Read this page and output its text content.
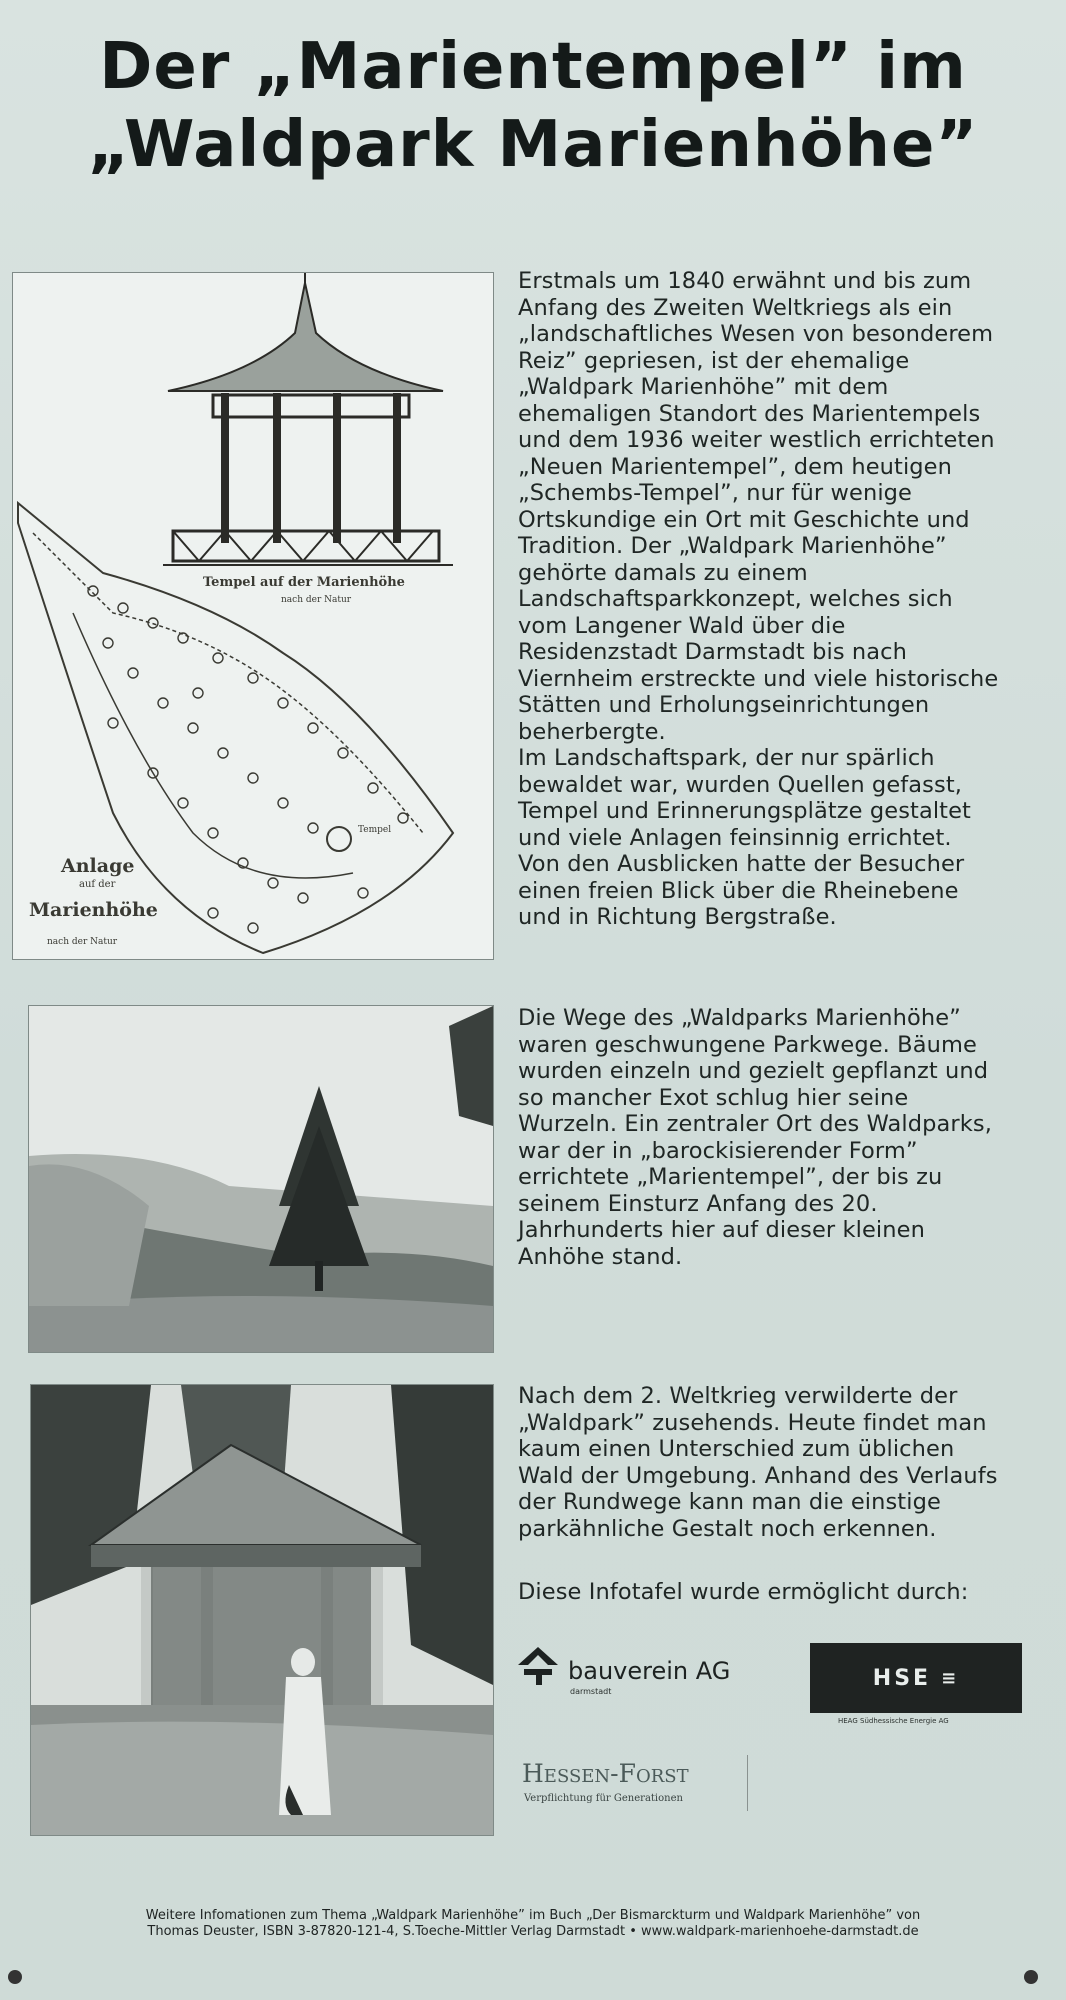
Der „Marientempel” im
„Waldpark Marienhöhe”
Tempel auf der Marienhöhe
nach der Natur
Tempel
Anlage
auf der
Marienhöhe
nach der Natur
Erstmals um 1840 erwähnt und bis zum
Anfang des Zweiten Weltkriegs als ein
„landschaftliches Wesen von besonderem
Reiz” gepriesen, ist der ehemalige
„Waldpark Marienhöhe” mit dem
ehemaligen Standort des Marientempels
und dem 1936 weiter westlich errichteten
„Neuen Marientempel”, dem heutigen
„Schembs-Tempel”, nur für wenige
Ortskundige ein Ort mit Geschichte und
Tradition. Der „Waldpark Marienhöhe”
gehörte damals zu einem
Landschaftsparkkonzept, welches sich
vom Langener Wald über die
Residenzstadt Darmstadt bis nach
Viernheim erstreckte und viele historische
Stätten und Erholungseinrichtungen
beherbergte.
Im Landschaftspark, der nur spärlich
bewaldet war, wurden Quellen gefasst,
Tempel und Erinnerungsplätze gestaltet
und viele Anlagen feinsinnig errichtet.
Von den Ausblicken hatte der Besucher
einen freien Blick über die Rheinebene
und in Richtung Bergstraße.
Die Wege des „Waldparks Marienhöhe”
waren geschwungene Parkwege. Bäume
wurden einzeln und gezielt gepflanzt und
so mancher Exot schlug hier seine
Wurzeln. Ein zentraler Ort des Waldparks,
war der in „barockisierender Form”
errichtete „Marientempel”, der bis zu
seinem Einsturz Anfang des 20.
Jahrhunderts hier auf dieser kleinen
Anhöhe stand.
Nach dem 2. Weltkrieg verwilderte der
„Waldpark” zusehends. Heute findet man
kaum einen Unterschied zum üblichen
Wald der Umgebung. Anhand des Verlaufs
der Rundwege kann man die einstige
parkähnliche Gestalt noch erkennen.
Diese Infotafel wurde ermöglicht durch:
bauverein AG
darmstadt
HSE ≡
HEAG Südhessische Energie AG
Hessen-Forst
Verpflichtung für Generationen
Weitere Infomationen zum Thema „Waldpark Marienhöhe” im Buch „Der Bismarckturm und Waldpark Marienhöhe” von
Thomas Deuster, ISBN 3-87820-121-4, S.Toeche-Mittler Verlag Darmstadt • www.waldpark-marienhoehe-darmstadt.de
